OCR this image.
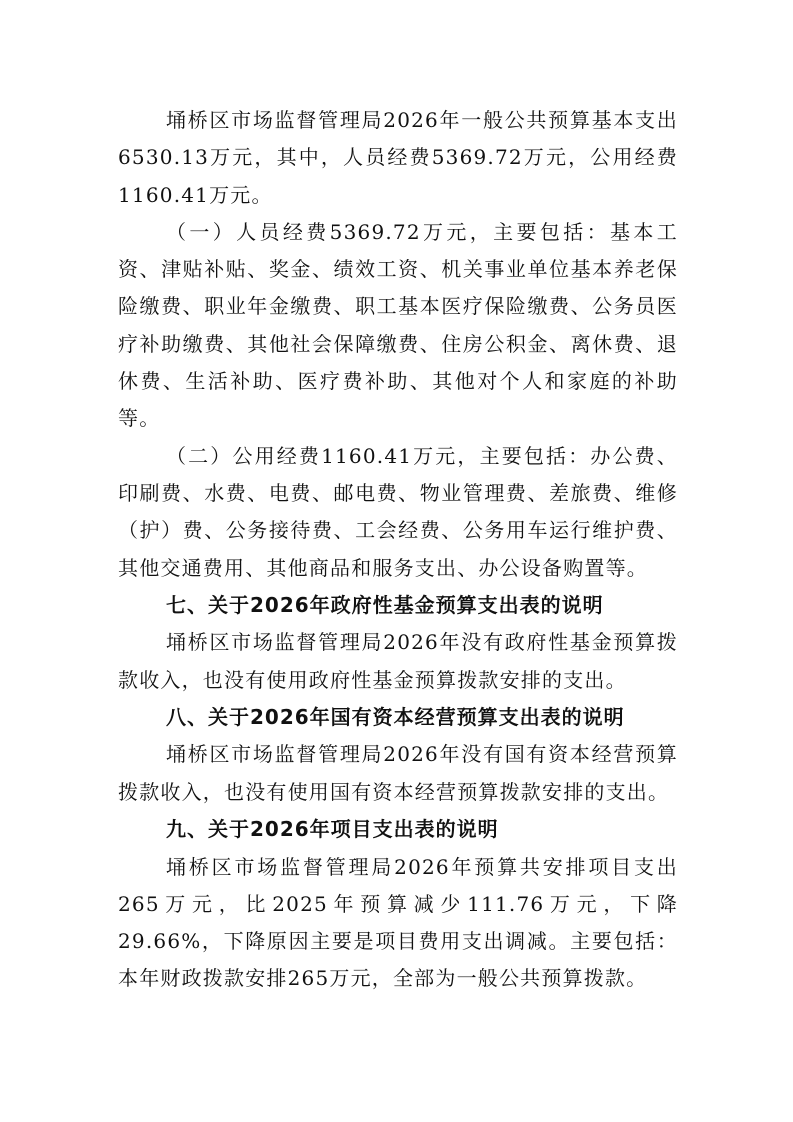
埇桥区市场监督管理局2026年一般公共预算基本支出6530.13万元，其中，人员经费5369.72万元，公用经费1160.41万元。

（一）人员经费5369.72万元，主要包括：基本工资、津贴补贴、奖金、绩效工资、机关事业单位基本养老保险缴费、职业年金缴费、职工基本医疗保险缴费、公务员医疗补助缴费、其他社会保障缴费、住房公积金、离休费、退休费、生活补助、医疗费补助、其他对个人和家庭的补助等。

（二）公用经费1160.41万元，主要包括：办公费、印刷费、水费、电费、邮电费、物业管理费、差旅费、维修（护）费、公务接待费、工会经费、公务用车运行维护费、其他交通费用、其他商品和服务支出、办公设备购置等。

七、关于2026年政府性基金预算支出表的说明

埇桥区市场监督管理局2026年没有政府性基金预算拨款收入，也没有使用政府性基金预算拨款安排的支出。

八、关于2026年国有资本经营预算支出表的说明

埇桥区市场监督管理局2026年没有国有资本经营预算拨款收入，也没有使用国有资本经营预算拨款安排的支出。

九、关于2026年项目支出表的说明

埇桥区市场监督管理局2026年预算共安排项目支出265万元，比2025年预算减少111.76万元，下降29.66%，下降原因主要是项目费用支出调减。主要包括：本年财政拨款安排265万元，全部为一般公共预算拨款。
